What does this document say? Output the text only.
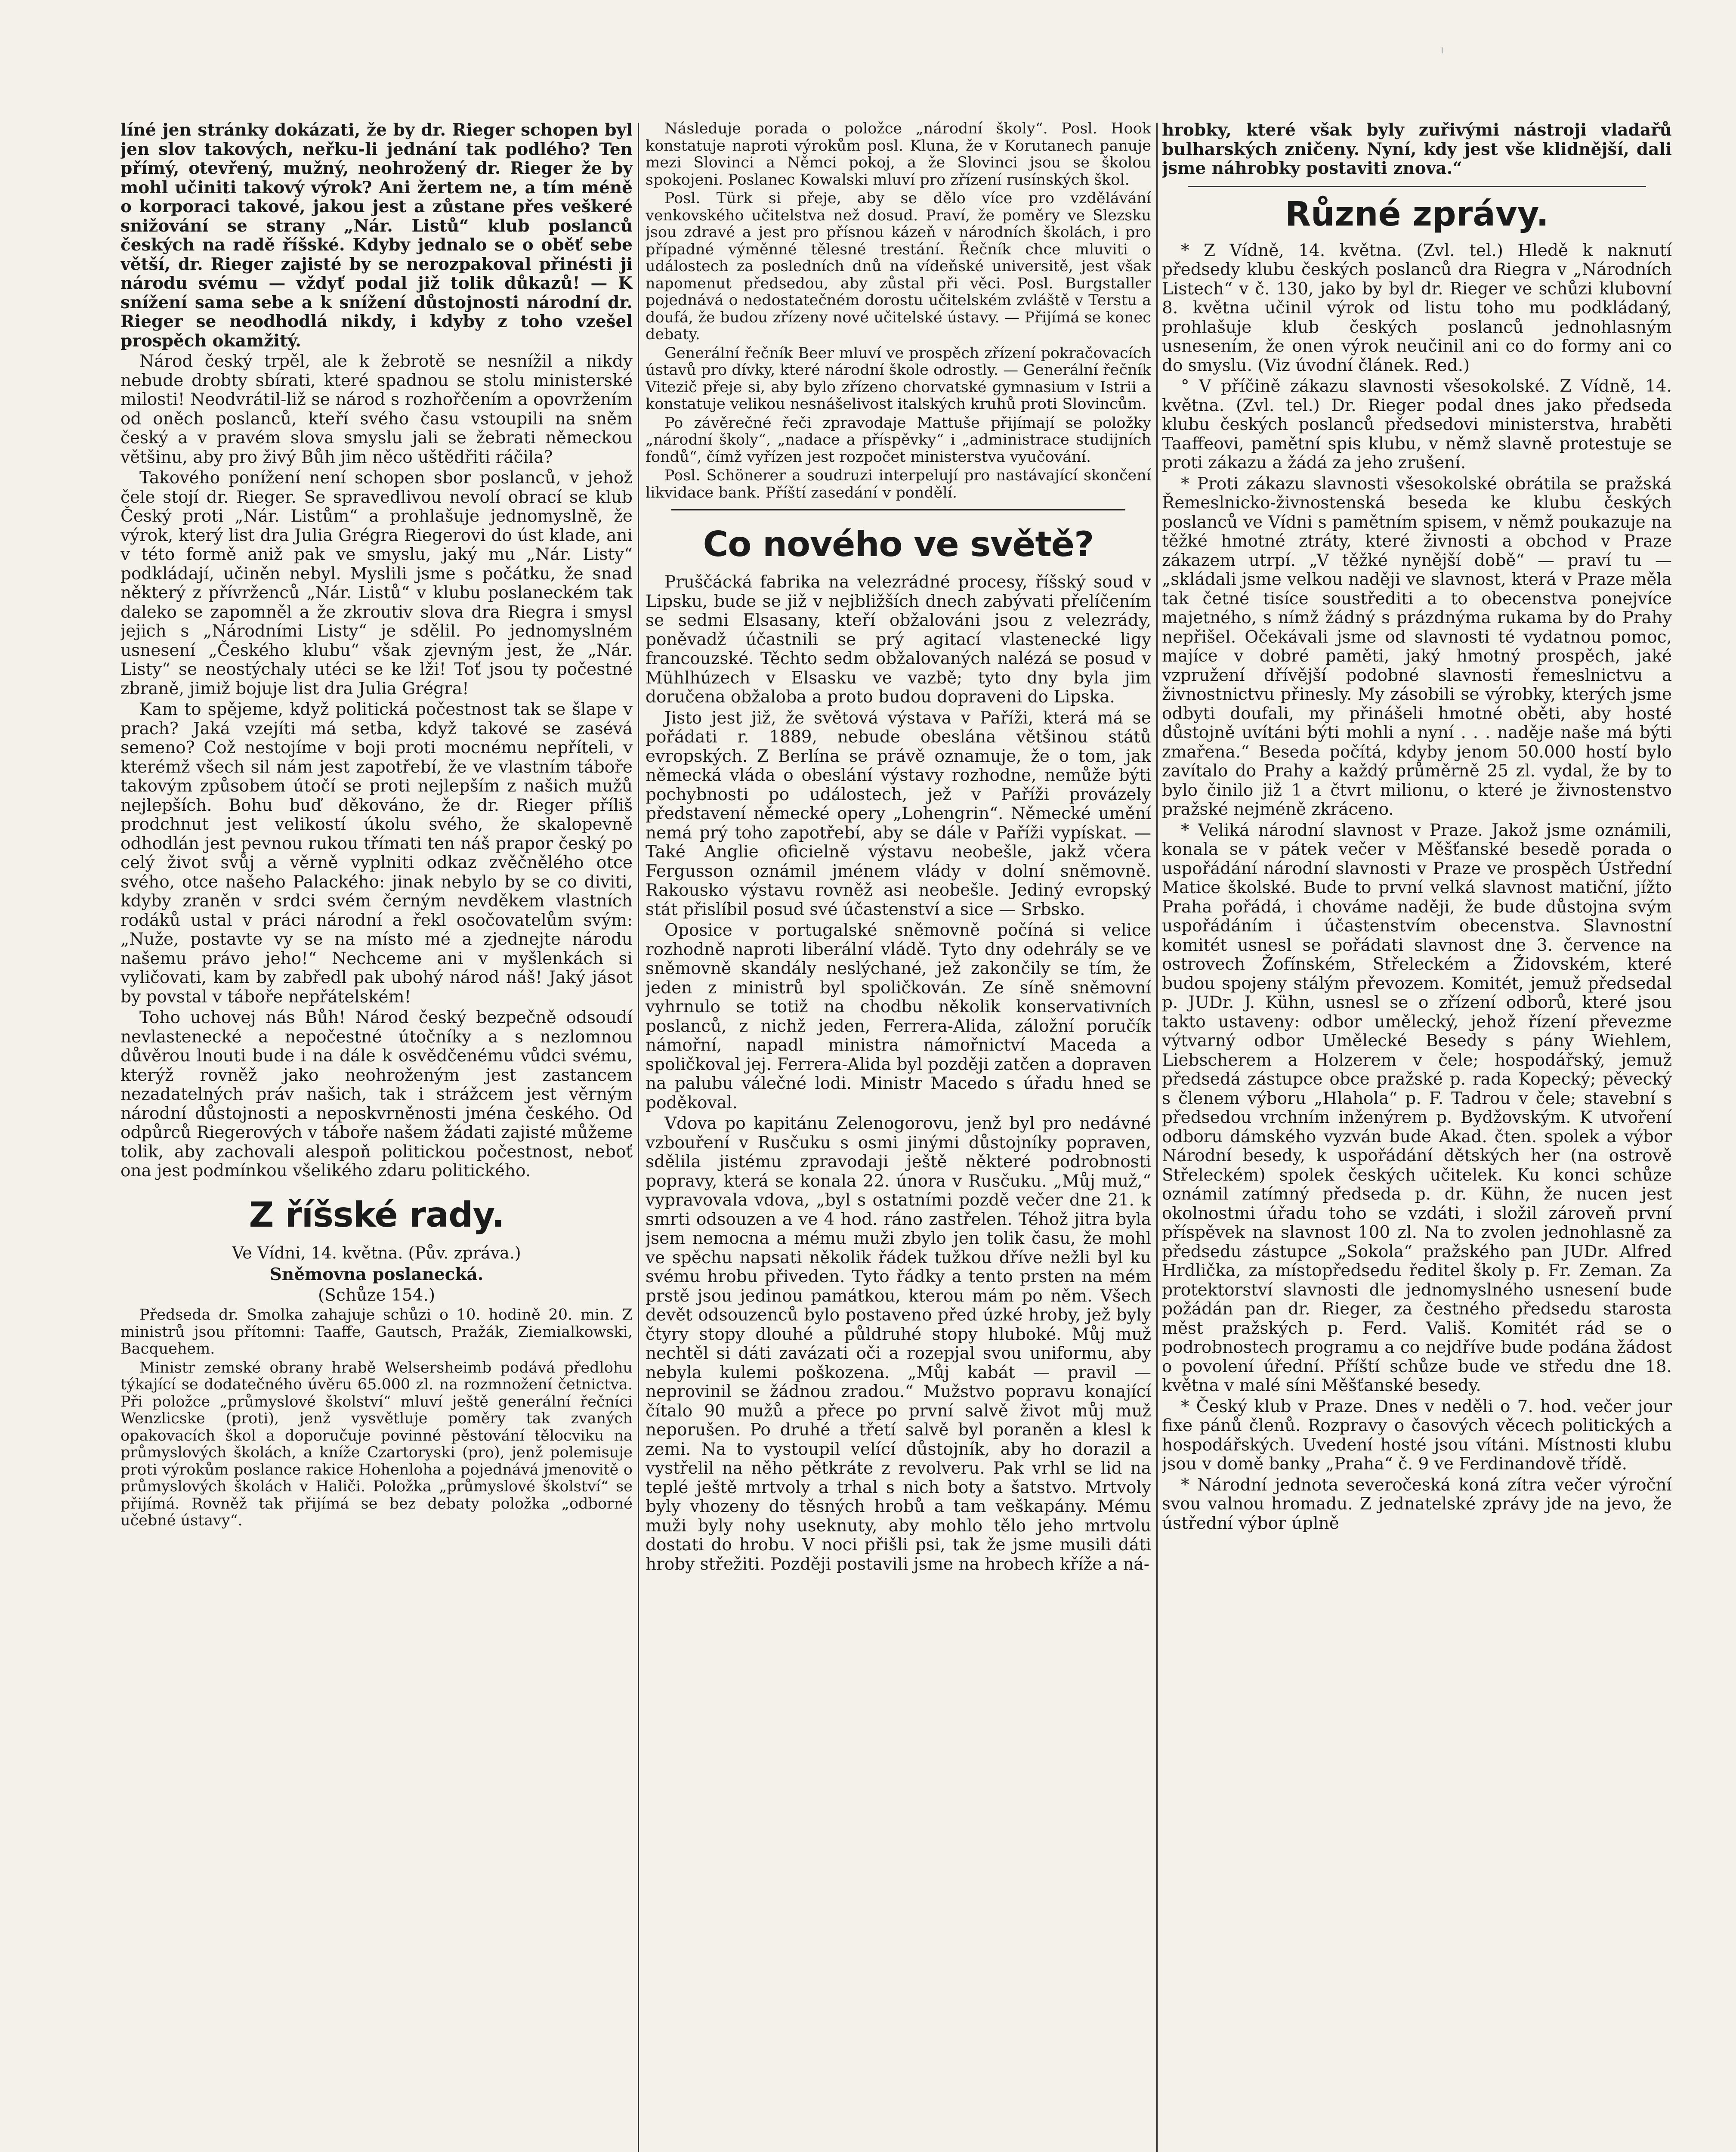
líné jen stránky dokázati, že by dr. Rieger schopen byl jen slov takových, neřku-li jednání tak podlého? Ten přímý, otevřený, mužný, neohrožený dr. Rieger že by mohl učiniti takový výrok? Ani žertem ne, a tím méně o korporaci takové, jakou jest a zůstane přes veškeré snižování se strany „Nár. Listů“ klub poslanců českých na radě říšské. Kdyby jednalo se o oběť sebe větší, dr. Rieger zajisté by se nerozpakoval přinésti ji národu svému — vždyť podal již tolik důkazů! — K snížení sama sebe a k snížení důstojnosti národní dr. Rieger se neodhodlá nikdy, i kdyby z toho vzešel prospěch okamžitý.

Národ český trpěl, ale k žebrotě se nesnížil a nikdy nebude drobty sbírati, které spadnou se stolu ministerské milosti! Neodvrátil-liž se národ s rozhořčením a opovržením od oněch poslanců, kteří svého času vstoupili na sněm český a v pravém slova smyslu jali se žebrati německou většinu, aby pro živý Bůh jim něco uštědřiti ráčila?

Takového ponížení není schopen sbor poslanců, v jehož čele stojí dr. Rieger. Se spravedlivou nevolí obrací se klub Český proti „Nár. Listům“ a prohlašuje jednomyslně, že výrok, který list dra Julia Grégra Riegerovi do úst klade, ani v této formě aniž pak ve smyslu, jaký mu „Nár. Listy“ podkládají, učiněn nebyl. Myslili jsme s počátku, že snad některý z přívrženců „Nár. Listů“ v klubu poslaneckém tak daleko se zapomněl a že zkroutiv slova dra Riegra i smysl jejich s „Národními Listy“ je sdělil. Po jednomyslném usnesení „Českého klubu“ však zjevným jest, že „Nár. Listy“ se neostýchaly utéci se ke lži! Toť jsou ty počestné zbraně, jimiž bojuje list dra Julia Grégra!

Kam to spějeme, když politická počestnost tak se šlape v prach? Jaká vzejíti má setba, když takové se zasévá semeno? Což nestojíme v boji proti mocnému nepříteli, v kterémž všech sil nám jest zapotřebí, že ve vlastním táboře takovým způsobem útočí se proti nejlepším z našich mužů nejlepších. Bohu buď děkováno, že dr. Rieger příliš prodchnut jest velikostí úkolu svého, že skalopevně odhodlán jest pevnou rukou třímati ten náš prapor český po celý život svůj a věrně vyplniti odkaz zvěčnělého otce svého, otce našeho Palackého: jinak nebylo by se co diviti, kdyby zraněn v srdci svém černým nevděkem vlastních rodáků ustal v práci národní a řekl osočovatelům svým: „Nuže, postavte vy se na místo mé a zjednejte národu našemu právo jeho!“ Nechceme ani v myšlenkách si vyličovati, kam by zabředl pak ubohý národ náš! Jaký jásot by povstal v táboře nepřátelském!

Toho uchovej nás Bůh! Národ český bezpečně odsoudí nevlastenecké a nepočestné útočníky a s nezlomnou důvěrou lnouti bude i na dále k osvědčenému vůdci svému, kterýž rovněž jako neohroženým jest zastancem nezadatelných práv našich, tak i strážcem jest věrným národní důstojnosti a neposkvrněnosti jména českého. Od odpůrců Riegerových v táboře našem žádati zajisté můžeme tolik, aby zachovali alespoň politickou počestnost, neboť ona jest podmínkou všelikého zdaru politického.

Z říšské rady.

Ve Vídni, 14. května. (Pův. zpráva.)

Sněmovna poslanecká.

(Schůze 154.)

Předseda dr. Smolka zahajuje schůzi o 10. hodině 20. min. Z ministrů jsou přítomni: Taaffe, Gautsch, Pražák, Ziemialkowski, Bacquehem.

Ministr zemské obrany hrabě Welsersheimb podává předlohu týkající se dodatečného úvěru 65.000 zl. na rozmnožení četnictva. Při položce „průmyslové školství“ mluví ještě generální řečníci Wenzlicske (proti), jenž vysvětluje poměry tak zvaných opakovacích škol a doporučuje povinné pěstování tělocviku na průmyslových školách, a kníže Czartoryski (pro), jenž polemisuje proti výrokům poslance rakice Hohenloha a pojednává jmenovitě o průmyslových školách v Haliči. Položka „průmyslové školství“ se přijímá. Rovněž tak přijímá se bez debaty položka „odborné učebné ústavy“.

Následuje porada o položce „národní školy“. Posl. Hook konstatuje naproti výrokům posl. Kluna, že v Korutanech panuje mezi Slovinci a Němci pokoj, a že Slovinci jsou se školou spokojeni. Poslanec Kowalski mluví pro zřízení rusínských škol.

Posl. Türk si přeje, aby se dělo více pro vzdělávání venkovského učitelstva než dosud. Praví, že poměry ve Slezsku jsou zdravé a jest pro přísnou kázeň v národních školách, i pro případné výměnné tělesné trestání. Řečník chce mluviti o událostech za posledních dnů na vídeňské universitě, jest však napomenut předsedou, aby zůstal při věci. Posl. Burgstaller pojednává o nedostatečném dorostu učitelském zvláště v Terstu a doufá, že budou zřízeny nové učitelské ústavy. — Přijímá se konec debaty.

Generální řečník Beer mluví ve prospěch zřízení pokračovacích ústavů pro dívky, které národní škole odrostly. — Generální řečník Vitezič přeje si, aby bylo zřízeno chorvatské gymnasium v Istrii a konstatuje velikou nesnášelivost italských kruhů proti Slovincům.

Po závěrečné řeči zpravodaje Mattuše přijímají se položky „národní školy“, „nadace a příspěvky“ i „administrace studijních fondů“, čímž vyřízen jest rozpočet ministerstva vyučování.

Posl. Schönerer a soudruzi interpelují pro nastávající skončení likvidace bank. Příští zasedání v pondělí.

Co nového ve světě?

Pruščácká fabrika na velezrádné procesy, říšský soud v Lipsku, bude se již v nejbližších dnech zabývati přelíčením se sedmi Elsasany, kteří obžalováni jsou z velezrády, poněvadž účastnili se prý agitací vlastenecké ligy francouzské. Těchto sedm obžalovaných nalézá se posud v Mühlhúzech v Elsasku ve vazbě; tyto dny byla jim doručena obžaloba a proto budou dopraveni do Lipska.

Jisto jest již, že světová výstava v Paříži, která má se pořádati r. 1889, nebude obeslána většinou států evropských. Z Berlína se právě oznamuje, že o tom, jak německá vláda o obeslání výstavy rozhodne, nemůže býti pochybnosti po událostech, jež v Paříži provázely představení německé opery „Lohengrin“. Německé umění nemá prý toho zapotřebí, aby se dále v Paříži vypískat. — Také Anglie oficielně výstavu neobešle, jakž včera Fergusson oznámil jménem vlády v dolní sněmovně. Rakousko výstavu rovněž asi neobešle. Jediný evropský stát přislíbil posud své účastenství a sice — Srbsko.

Oposice v portugalské sněmovně počíná si velice rozhodně naproti liberální vládě. Tyto dny odehrály se ve sněmovně skandály neslýchané, jež zakončily se tím, že jeden z ministrů byl spoličkován. Ze síně sněmovní vyhrnulo se totiž na chodbu několik konservativních poslanců, z nichž jeden, Ferrera-Alida, záložní poručík námořní, napadl ministra námořnictví Maceda a spoličkoval jej. Ferrera-Alida byl později zatčen a dopraven na palubu válečné lodi. Ministr Macedo s úřadu hned se poděkoval.

Vdova po kapitánu Zelenogorovu, jenž byl pro nedávné vzbouření v Rusčuku s osmi jinými důstojníky popraven, sdělila jistému zpravodaji ještě některé podrobnosti popravy, která se konala 22. února v Rusčuku. „Můj muž,“ vypravovala vdova, „byl s ostatními pozdě večer dne 21. k smrti odsouzen a ve 4 hod. ráno zastřelen. Téhož jitra byla jsem nemocna a mému muži zbylo jen tolik času, že mohl ve spěchu napsati několik řádek tužkou dříve nežli byl ku svému hrobu přiveden. Tyto řádky a tento prsten na mém prstě jsou jedinou památkou, kterou mám po něm. Všech devět odsouzenců bylo postaveno před úzké hroby, jež byly čtyry stopy dlouhé a půldruhé stopy hluboké. Můj muž nechtěl si dáti zavázati oči a rozepjal svou uniformu, aby nebyla kulemi poškozena. „Můj kabát — pravil — neprovinil se žádnou zradou.“ Mužstvo popravu konající čítalo 90 mužů a přece po první salvě život můj muž neporušen. Po druhé a třetí salvě byl poraněn a klesl k zemi. Na to vystoupil velící důstojník, aby ho dorazil a vystřelil na něho pětkráte z revolveru. Pak vrhl se lid na teplé ještě mrtvoly a trhal s nich boty a šatstvo. Mrtvoly byly vhozeny do těsných hrobů a tam veškapány. Mému muži byly nohy useknuty, aby mohlo tělo jeho mrtvolu dostati do hrobu. V noci přišli psi, tak že jsme musili dáti hroby střežiti. Později postavili jsme na hrobech kříže a ná-

hrobky, které však byly zuřivými nástroji vladařů bulharských zničeny. Nyní, kdy jest vše klidnější, dali jsme náhrobky postaviti znova.“

Různé zprávy.

* Z Vídně, 14. května. (Zvl. tel.) Hledě k naknutí předsedy klubu českých poslanců dra Riegra v „Národních Listech“ v č. 130, jako by byl dr. Rieger ve schůzi klubovní 8. května učinil výrok od listu toho mu podkládaný, prohlašuje klub českých poslanců jednohlasným usnesením, že onen výrok neučinil ani co do formy ani co do smyslu. (Viz úvodní článek. Red.)

° V příčině zákazu slavnosti všesokolské. Z Vídně, 14. května. (Zvl. tel.) Dr. Rieger podal dnes jako předseda klubu českých poslanců předsedovi ministerstva, hraběti Taaffeovi, pamětní spis klubu, v němž slavně protestuje se proti zákazu a žádá za jeho zrušení.

* Proti zákazu slavnosti všesokolské obrátila se pražská Řemeslnicko-živnostenská beseda ke klubu českých poslanců ve Vídni s pamětním spisem, v němž poukazuje na těžké hmotné ztráty, které živnosti a obchod v Praze zákazem utrpí. „V těžké nynější době“ — praví tu — „skládali jsme velkou naději ve slavnost, která v Praze měla tak četné tisíce soustřediti a to obecenstva ponejvíce majetného, s nímž žádný s prázdnýma rukama by do Prahy nepřišel. Očekávali jsme od slavnosti té vydatnou pomoc, majíce v dobré paměti, jaký hmotný prospěch, jaké vzpružení dřívější podobné slavnosti řemeslnictvu a živnostnictvu přinesly. My zásobili se výrobky, kterých jsme odbyti doufali, my přinášeli hmotné oběti, aby hosté důstojně uvítáni býti mohli a nyní . . . naděje naše má býti zmařena.“ Beseda počítá, kdyby jenom 50.000 hostí bylo zavítalo do Prahy a každý průměrně 25 zl. vydal, že by to bylo činilo již 1 a čtvrt milionu, o které je živnostenstvo pražské nejméně zkráceno.

* Veliká národní slavnost v Praze. Jakož jsme oznámili, konala se v pátek večer v Měšťanské besedě porada o uspořádání národní slavnosti v Praze ve prospěch Ústřední Matice školské. Bude to první velká slavnost matiční, jížto Praha pořádá, i chováme naději, že bude důstojna svým uspořádáním i účastenstvím obecenstva. Slavnostní komitét usnesl se pořádati slavnost dne 3. července na ostrovech Žofínském, Střeleckém a Židovském, které budou spojeny stálým převozem. Komitét, jemuž předsedal p. JUDr. J. Kühn, usnesl se o zřízení odborů, které jsou takto ustaveny: odbor umělecký, jehož řízení převezme výtvarný odbor Umělecké Besedy s pány Wiehlem, Liebscherem a Holzerem v čele; hospodářský, jemuž předsedá zástupce obce pražské p. rada Kopecký; pěvecký s členem výboru „Hlahola“ p. F. Tadrou v čele; stavební s předsedou vrchním inženýrem p. Bydžovským. K utvoření odboru dámského vyzván bude Akad. čten. spolek a výbor Národní besedy, k uspořádání dětských her (na ostrově Střeleckém) spolek českých učitelek. Ku konci schůze oznámil zatímný předseda p. dr. Kühn, že nucen jest okolnostmi úřadu toho se vzdáti, i složil zároveň první příspěvek na slavnost 100 zl. Na to zvolen jednohlasně za předsedu zástupce „Sokola“ pražského pan JUDr. Alfred Hrdlička, za místopředsedu ředitel školy p. Fr. Zeman. Za protektorství slavnosti dle jednomyslného usnesení bude požádán pan dr. Rieger, za čestného předsedu starosta měst pražských p. Ferd. Vališ. Komitét rád se o podrobnostech programu a co nejdříve bude podána žádost o povolení úřední. Příští schůze bude ve středu dne 18. května v malé síni Měšťanské besedy.

* Český klub v Praze. Dnes v neděli o 7. hod. večer jour fixe pánů členů. Rozpravy o časových věcech politických a hospodářských. Uvedení hosté jsou vítáni. Místnosti klubu jsou v domě banky „Praha“ č. 9 ve Ferdinandově třídě.

* Národní jednota severočeská koná zítra večer výroční svou valnou hromadu. Z jednatelské zprávy jde na jevo, že ústřední výbor úplně
